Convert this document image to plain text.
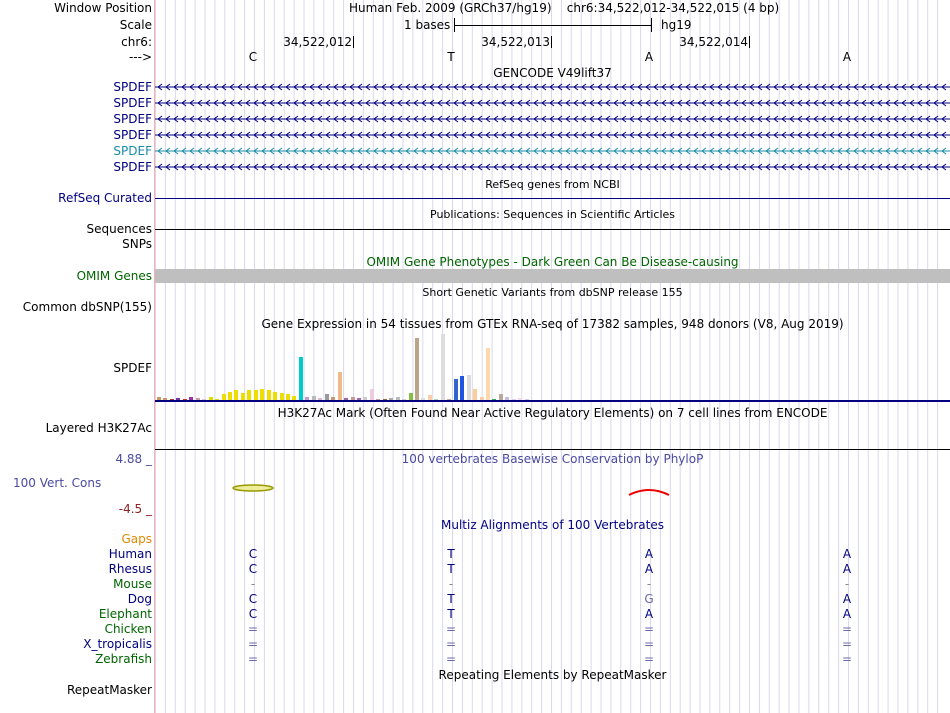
Window Position	Human Feb. 2009 (GRCh37/hg19)    chr6:34,522,012-34,522,015 (4 bp)
Scale	1 bases	hg19
chr6:	34,522,012	34,522,013	34,522,014
--->	C	T	A	A
GENCODE V49lift37
SPDEF
SPDEF
SPDEF
SPDEF
SPDEF
SPDEF
RefSeq genes from NCBI
RefSeq Curated
Publications: Sequences in Scientific Articles
Sequences
SNPs
OMIM Gene Phenotypes - Dark Green Can Be Disease-causing
OMIM Genes
Short Genetic Variants from dbSNP release 155
Common dbSNP(155)
Gene Expression in 54 tissues from GTEx RNA-seq of 17382 samples, 948 donors (V8, Aug 2019)
SPDEF
H3K27Ac Mark (Often Found Near Active Regulatory Elements) on 7 cell lines from ENCODE
Layered H3K27Ac
4.88 _	100 vertebrates Basewise Conservation by PhyloP
100 Vert. Cons
-4.5 _
Multiz Alignments of 100 Vertebrates
Gaps
Human	C	T	A	A
Rhesus	C	T	A	A
Mouse	-	-	-	-
Dog	C	T	G	A
Elephant	C	T	A	A
Chicken	=	=	=	=
X_tropicalis	=	=	=	=
Zebrafish	=	=	=	=
Repeating Elements by RepeatMasker
RepeatMasker
